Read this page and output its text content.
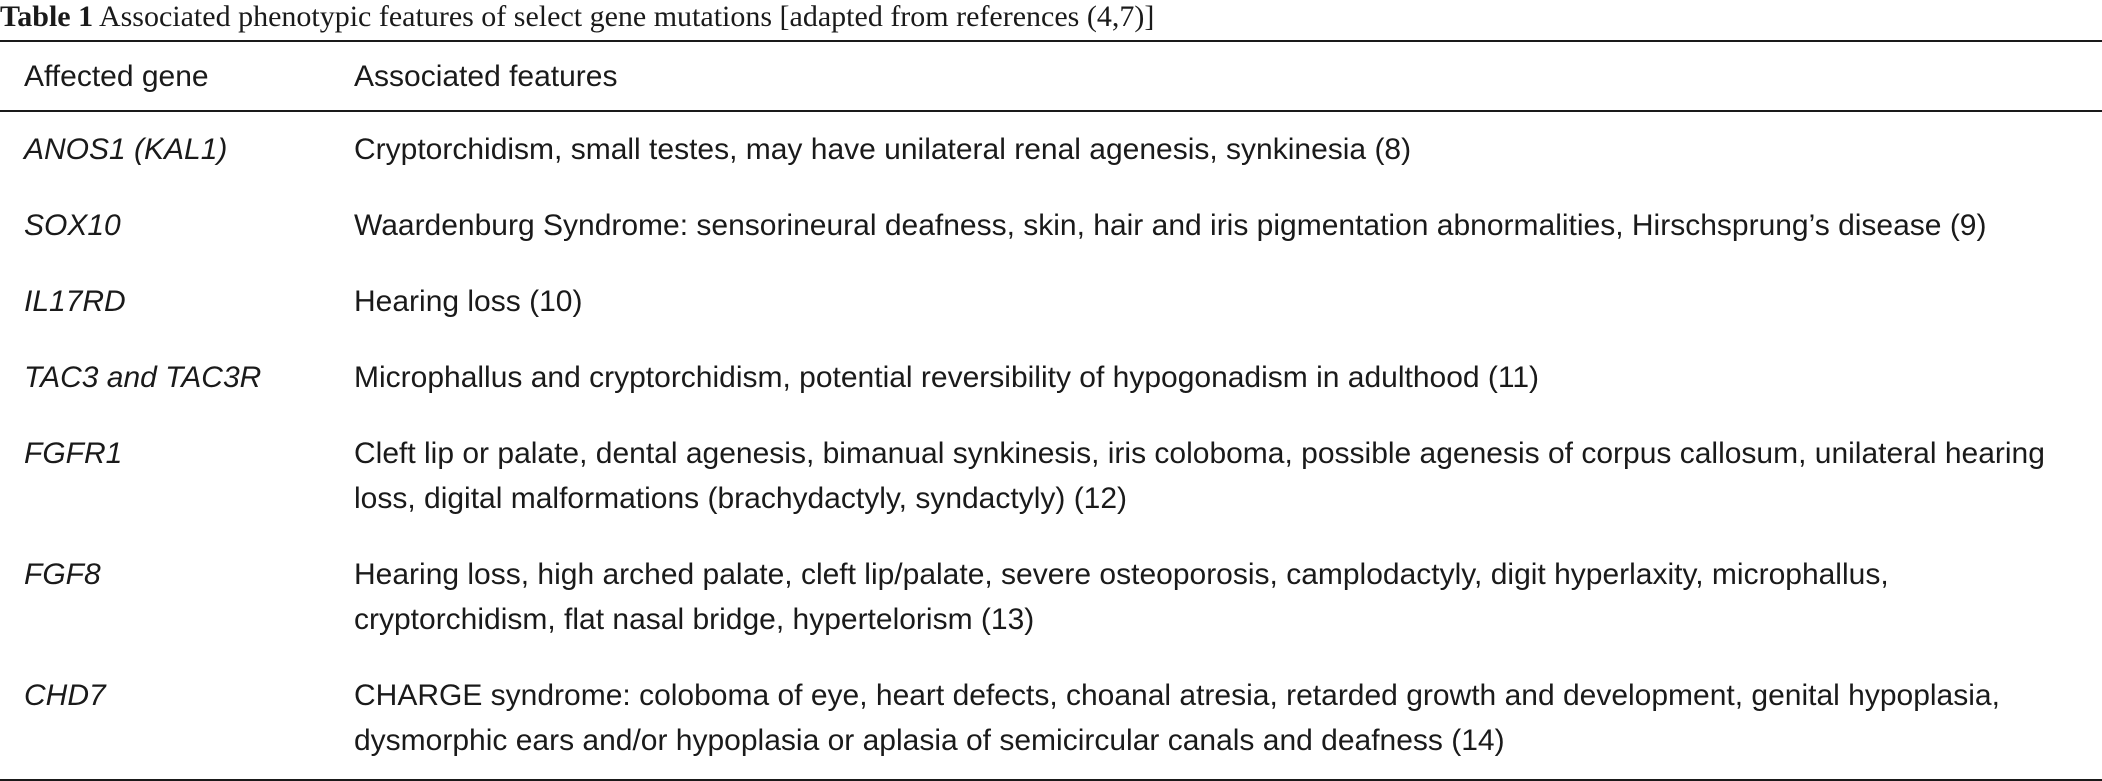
Table 1 Associated phenotypic features of select gene mutations [adapted from references (4,7)]
Affected gene	Associated features
ANOS1 (KAL1)	Cryptorchidism, small testes, may have unilateral renal agenesis, synkinesia (8)
SOX10	Waardenburg Syndrome: sensorineural deafness, skin, hair and iris pigmentation abnormalities, Hirschsprung’s disease (9)
IL17RD	Hearing loss (10)
TAC3 and TAC3R	Microphallus and cryptorchidism, potential reversibility of hypogonadism in adulthood (11)
FGFR1	Cleft lip or palate, dental agenesis, bimanual synkinesis, iris coloboma, possible agenesis of corpus callosum, unilateral hearing loss, digital malformations (brachydactyly, syndactyly) (12)
FGF8	Hearing loss, high arched palate, cleft lip/palate, severe osteoporosis, camplodactyly, digit hyperlaxity, microphallus, cryptorchidism, flat nasal bridge, hypertelorism (13)
CHD7	CHARGE syndrome: coloboma of eye, heart defects, choanal atresia, retarded growth and development, genital hypoplasia, dysmorphic ears and/or hypoplasia or aplasia of semicircular canals and deafness (14)
